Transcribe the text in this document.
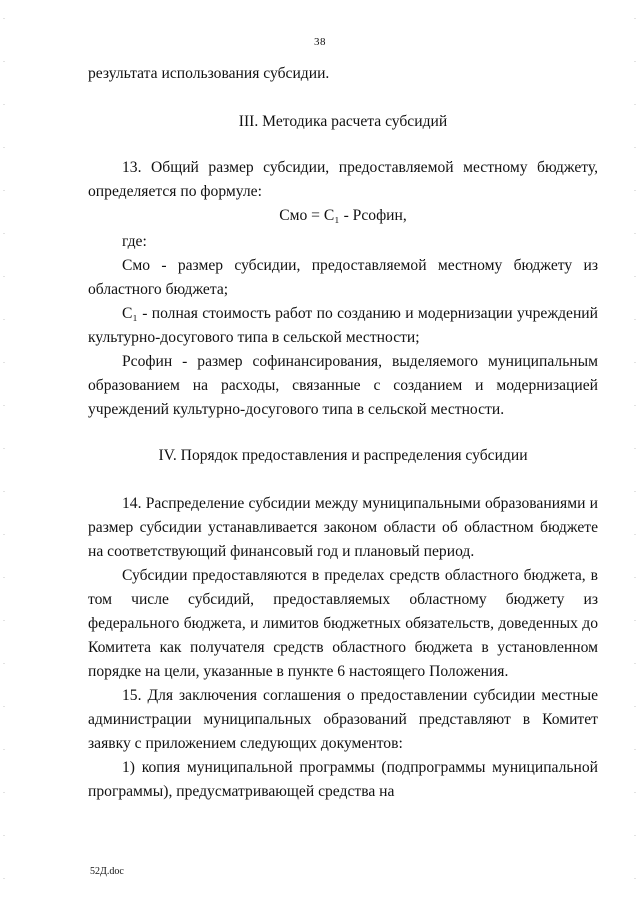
38

результата использования субсидии.

III. Методика расчета субсидий

13. Общий размер субсидии, предоставляемой местному бюджету, определяется по формуле:

Смо = С₁ - Рсофин,

где:

Смо - размер субсидии, предоставляемой местному бюджету из областного бюджета;

С₁ - полная стоимость работ по созданию и модернизации учреждений культурно-досугового типа в сельской местности;

Рсофин - размер софинансирования, выделяемого муниципальным образованием на расходы, связанные с созданием и модернизацией учреждений культурно-досугового типа в сельской местности.

IV. Порядок предоставления и распределения субсидии

14. Распределение субсидии между муниципальными образованиями и размер субсидии устанавливается законом области об областном бюджете на соответствующий финансовый год и плановый период.

Субсидии предоставляются в пределах средств областного бюджета, в том числе субсидий, предоставляемых областному бюджету из федерального бюджета, и лимитов бюджетных обязательств, доведенных до Комитета как получателя средств областного бюджета в установленном порядке на цели, указанные в пункте 6 настоящего Положения.

15. Для заключения соглашения о предоставлении субсидии местные администрации муниципальных образований представляют в Комитет заявку с приложением следующих документов:

1) копия муниципальной программы (подпрограммы муниципальной программы), предусматривающей средства на

52Д.doc
